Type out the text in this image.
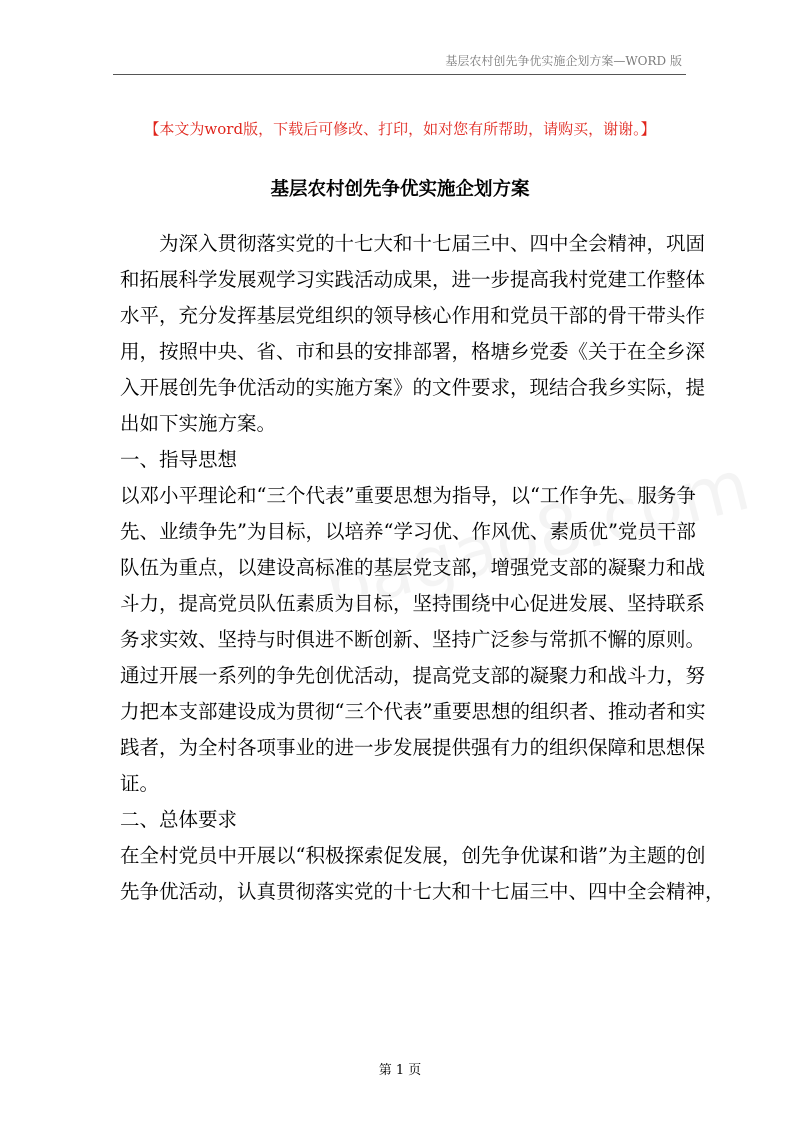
基层农村创先争优实施企划方案—WORD 版
【本文为word版，下载后可修改、打印，如对您有所帮助，请购买，谢谢。】
基层农村创先争优实施企划方案

为深入贯彻落实党的十七大和十七届三中、四中全会精神，巩固
和拓展科学发展观学习实践活动成果，进一步提高我村党建工作整体
水平，充分发挥基层党组织的领导核心作用和党员干部的骨干带头作
用，按照中央、省、市和县的安排部署，格塘乡党委《关于在全乡深
入开展创先争优活动的实施方案》的文件要求，现结合我乡实际，提
出如下实施方案。

一、指导思想

以邓小平理论和“三个代表”重要思想为指导，以“工作争先、服务争
先、业绩争先”为目标，以培养“学习优、作风优、素质优”党员干部
队伍为重点，以建设高标准的基层党支部，增强党支部的凝聚力和战
斗力，提高党员队伍素质为目标，坚持围绕中心促进发展、坚持联系
务求实效、坚持与时俱进不断创新、坚持广泛参与常抓不懈的原则。
通过开展一系列的争先创优活动，提高党支部的凝聚力和战斗力，努
力把本支部建设成为贯彻“三个代表”重要思想的组织者、推动者和实
践者，为全村各项事业的进一步发展提供强有力的组织保障和思想保
证。

二、总体要求

在全村党员中开展以“积极探索促发展，创先争优谋和谐”为主题的创
先争优活动，认真贯彻落实党的十七大和十七届三中、四中全会精神，

第 1 页
